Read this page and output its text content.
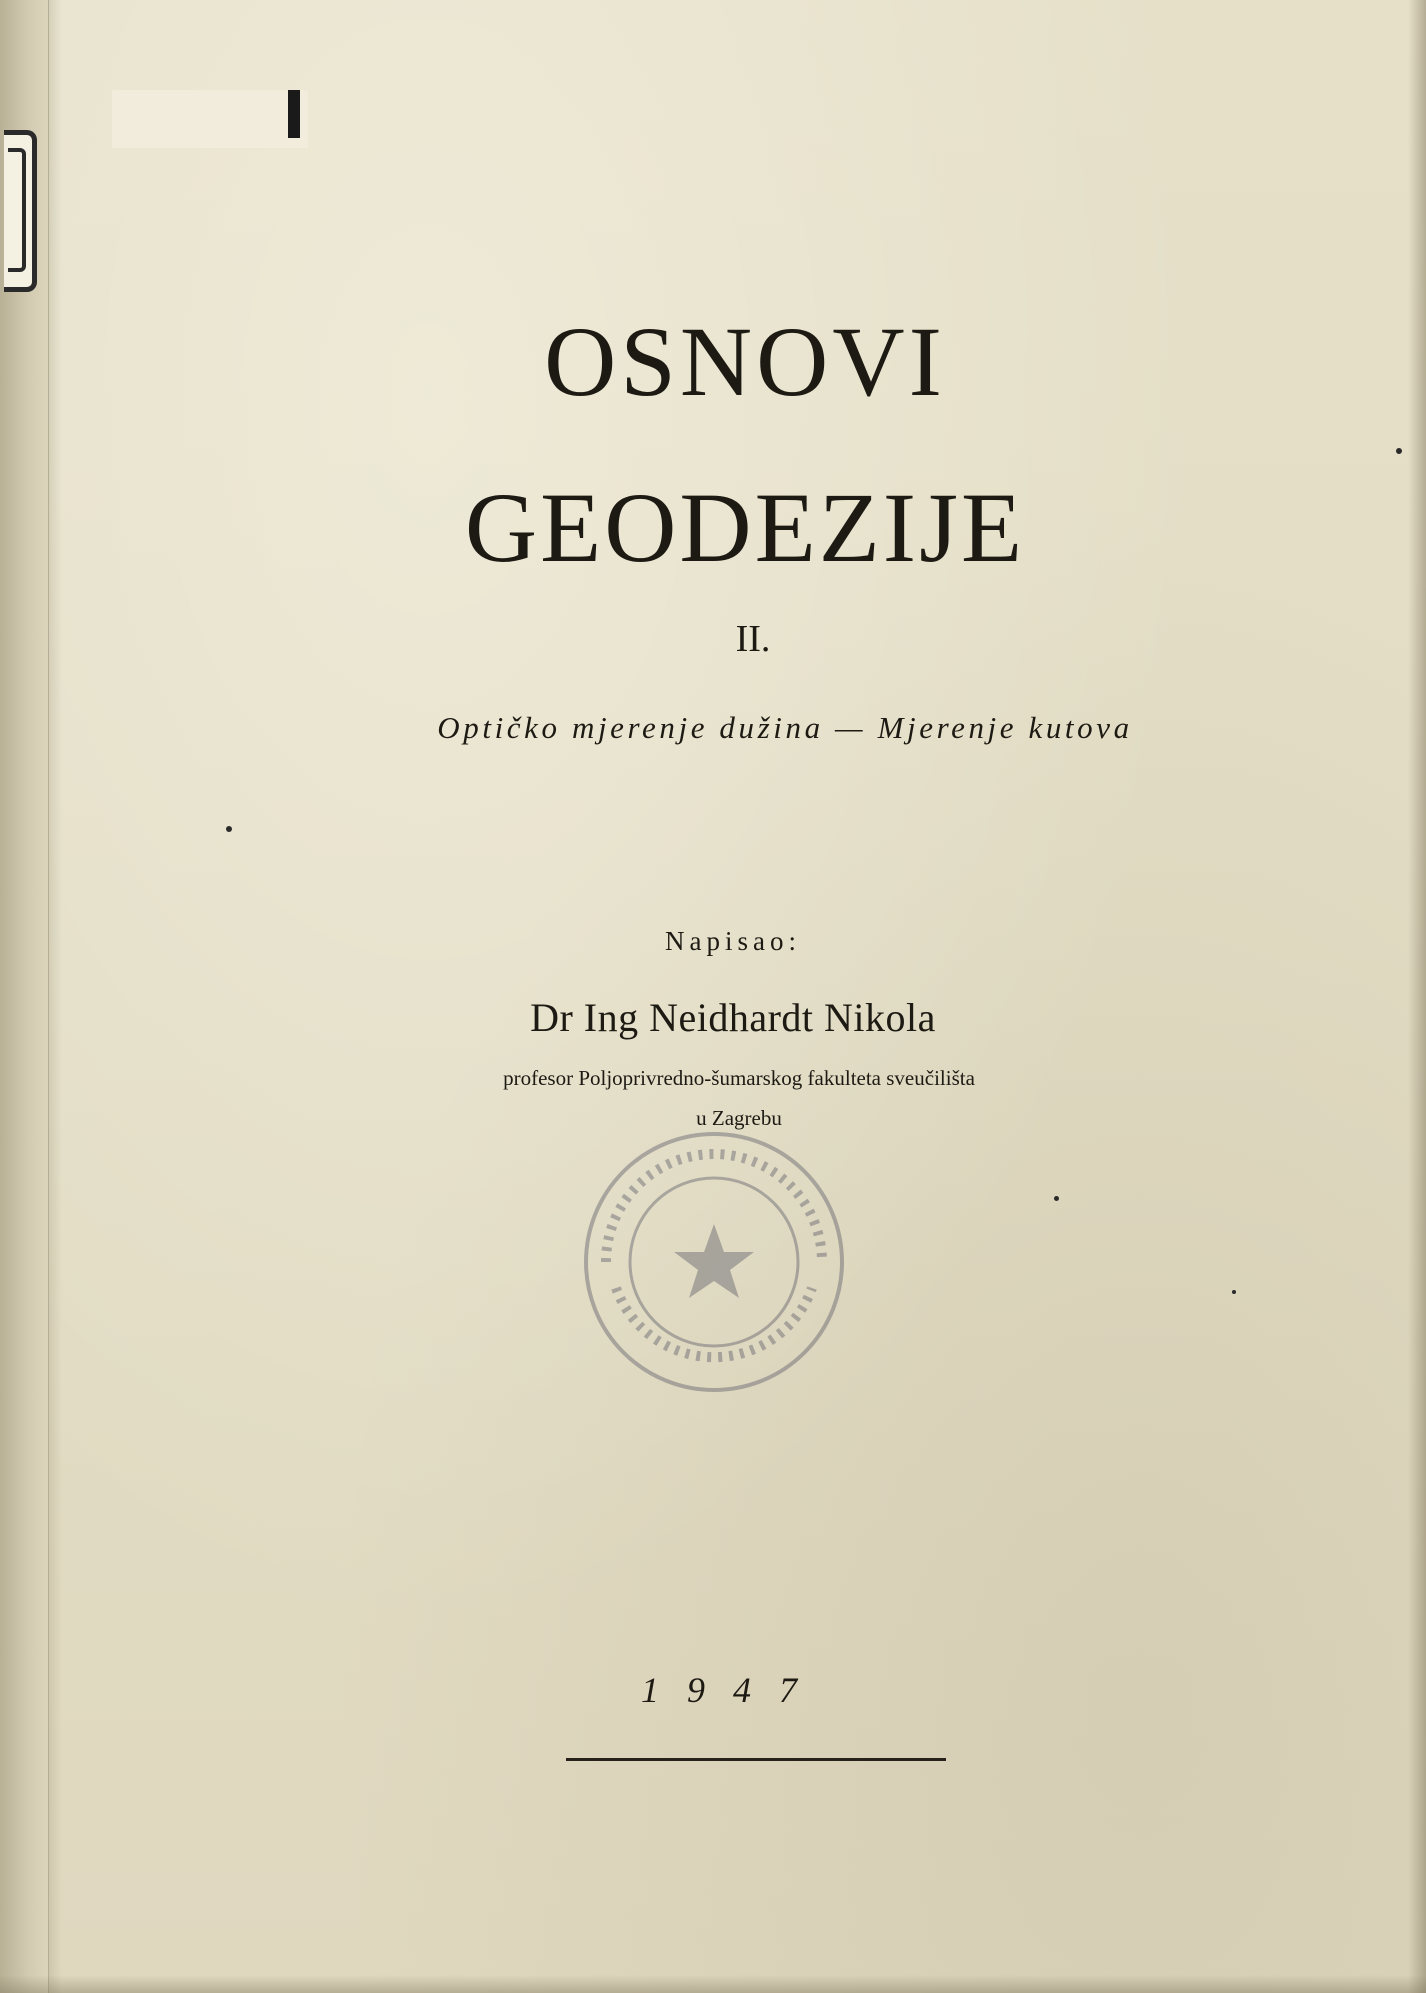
OSNOVI
GEODEZIJE
II.
Optičko mjerenje dužina — Mjerenje kutova
Napisao:
Dr Ing Neidhardt Nikola
profesor Poljoprivredno-šumarskog fakulteta sveučilišta
u Zagrebu
1947
